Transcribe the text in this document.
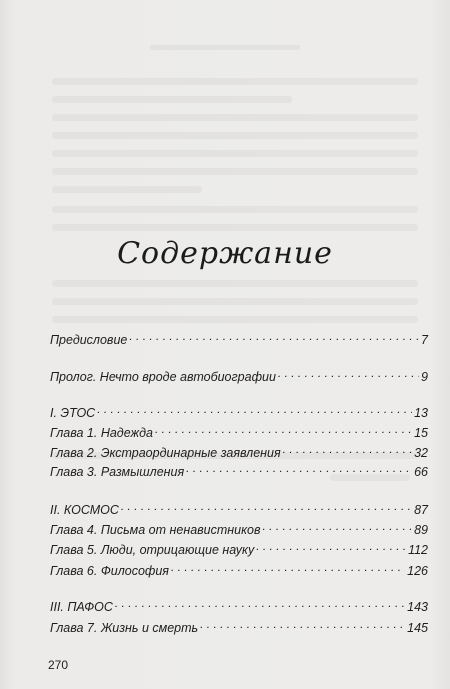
Содержание
Предисловие . . .	7
Пролог. Нечто вроде автобиографии . . .	9
I. ЭТОС . . .	13
Глава 1. Надежда . . .	15
Глава 2. Экстраординарные заявления . . .	32
Глава 3. Размышления . . .	66
II. КОСМОС . . .	87
Глава 4. Письма от ненавистников . . .	89
Глава 5. Люди, отрицающие науку . . .	112
Глава 6. Философия . . .	126
III. ПАФОС . . .	143
Глава 7. Жизнь и смерть . . .	145
270
